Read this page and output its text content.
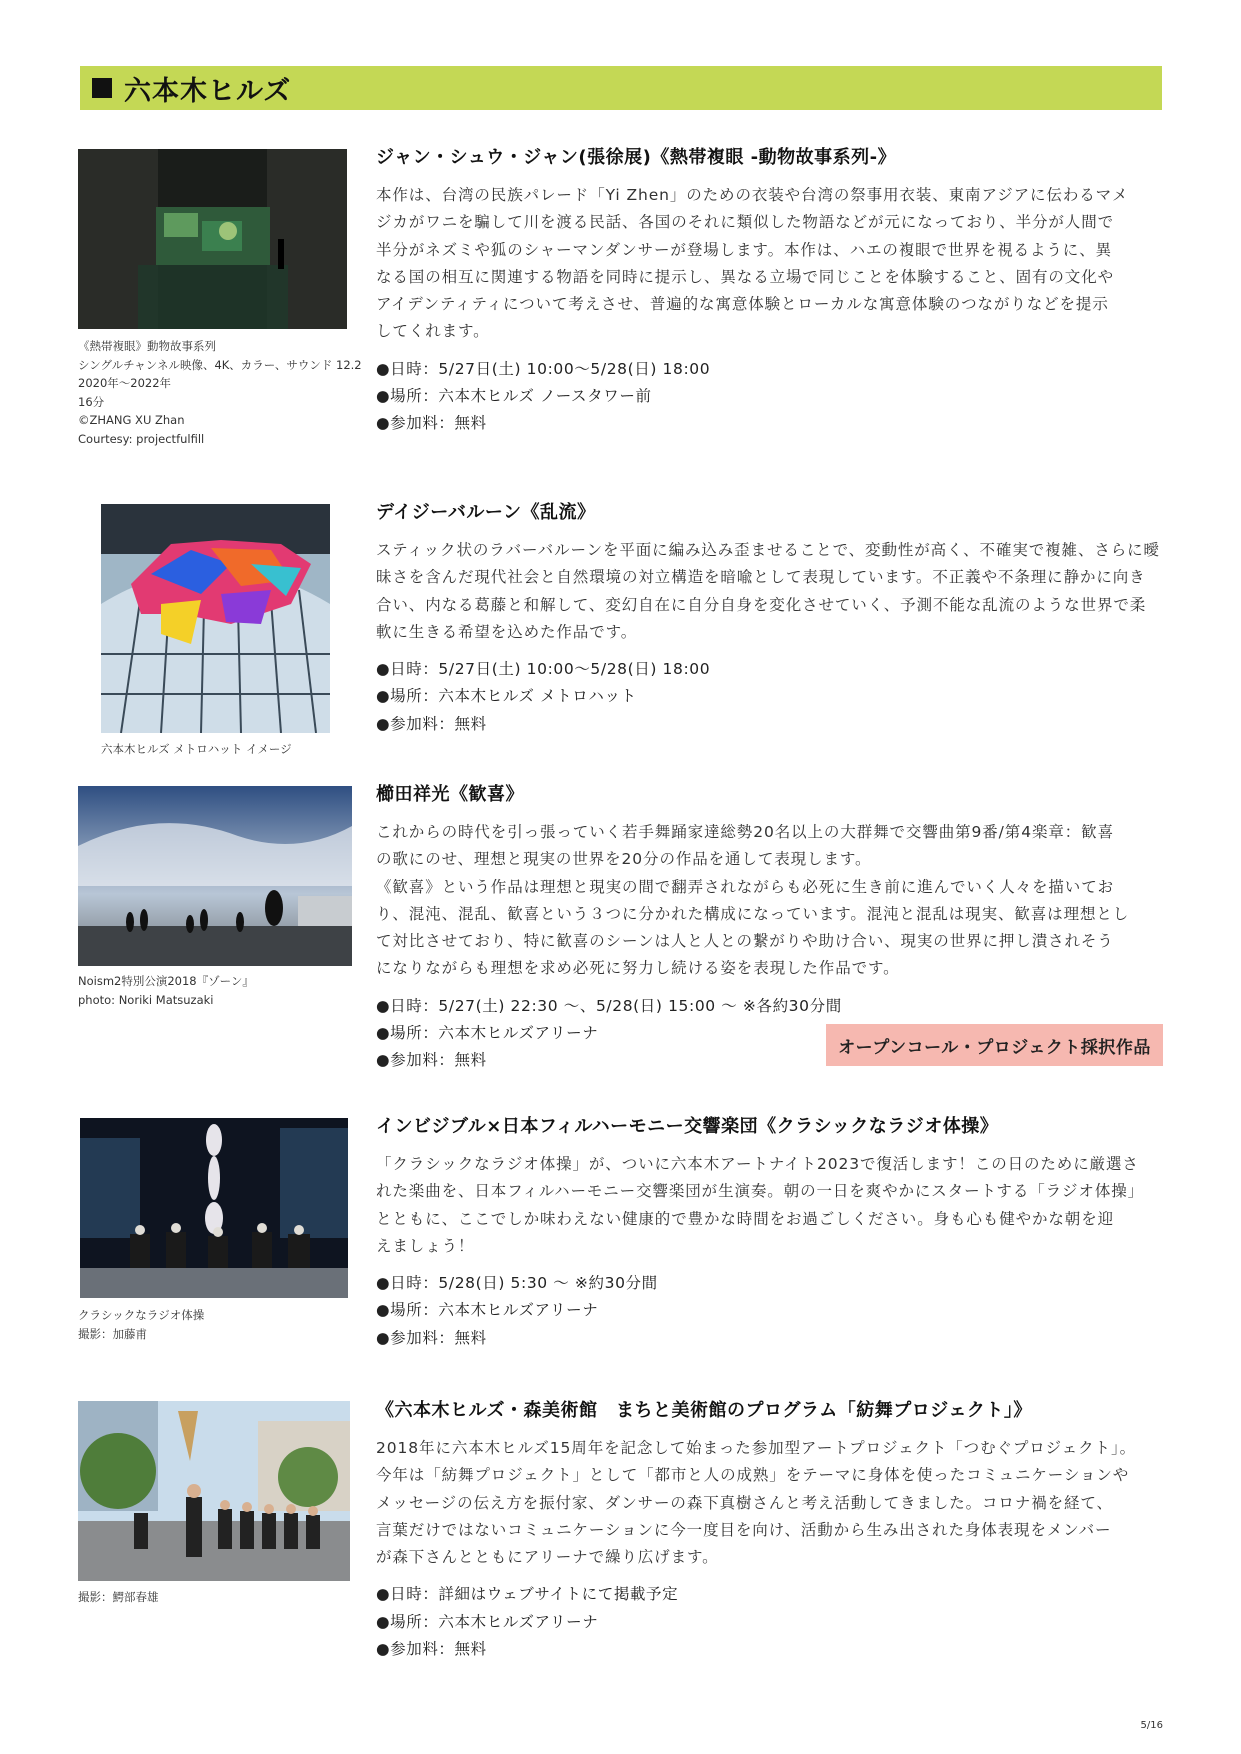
六本木ヒルズ
《熱帯複眼》動物故事系列
シングルチャンネル映像、4K、カラー、サウンド 12.2
2020年～2022年
16分
©ZHANG XU Zhan
Courtesy: projectfulfill
ジャン・シュウ・ジャン(張徐展)《熱帯複眼 -動物故事系列-》

本作は、台湾の民族パレード「Yi Zhen」のための衣装や台湾の祭事用衣装、東南アジアに伝わるマメ
ジカがワニを騙して川を渡る民話、各国のそれに類似した物語などが元になっており、半分が人間で
半分がネズミや狐のシャーマンダンサーが登場します。本作は、ハエの複眼で世界を視るように、異
なる国の相互に関連する物語を同時に提示し、異なる立場で同じことを体験すること、固有の文化や
アイデンティティについて考えさせ、普遍的な寓意体験とローカルな寓意体験のつながりなどを提示
してくれます。

●日時：5/27日(土) 10:00〜5/28(日) 18:00
●場所：六本木ヒルズ ノースタワー前
●参加料：無料
六本木ヒルズ メトロハット イメージ
デイジーバルーン《乱流》

スティック状のラバーバルーンを平面に編み込み歪ませることで、変動性が高く、不確実で複雑、さらに曖
昧さを含んだ現代社会と自然環境の対立構造を暗喩として表現しています。不正義や不条理に静かに向き
合い、内なる葛藤と和解して、変幻自在に自分自身を変化させていく、予測不能な乱流のような世界で柔
軟に生きる希望を込めた作品です。

●日時：5/27日(土) 10:00〜5/28(日) 18:00
●場所：六本木ヒルズ メトロハット
●参加料：無料
Noism2特別公演2018『ゾーン』
photo: Noriki Matsuzaki
櫛田祥光《歓喜》

これからの時代を引っ張っていく若手舞踊家達総勢20名以上の大群舞で交響曲第9番/第4楽章：歓喜
の歌にのせ、理想と現実の世界を20分の作品を通して表現します。
《歓喜》という作品は理想と現実の間で翻弄されながらも必死に生き前に進んでいく人々を描いてお
り、混沌、混乱、歓喜という３つに分かれた構成になっています。混沌と混乱は現実、歓喜は理想とし
て対比させており、特に歓喜のシーンは人と人との繋がりや助け合い、現実の世界に押し潰されそう
になりながらも理想を求め必死に努力し続ける姿を表現した作品です。

●日時：5/27(土) 22:30 ～、5/28(日) 15:00 ～ ※各約30分間
●場所：六本木ヒルズアリーナ
●参加料：無料
オープンコール・プロジェクト採択作品
クラシックなラジオ体操
撮影：加藤甫
インビジブル×日本フィルハーモニー交響楽団《クラシックなラジオ体操》

「クラシックなラジオ体操」が、ついに六本木アートナイト2023で復活します！この日のために厳選さ
れた楽曲を、日本フィルハーモニー交響楽団が生演奏。朝の一日を爽やかにスタートする「ラジオ体操」
とともに、ここでしか味わえない健康的で豊かな時間をお過ごしください。身も心も健やかな朝を迎
えましょう！

●日時：5/28(日) 5:30 ～ ※約30分間
●場所：六本木ヒルズアリーナ
●参加料：無料
撮影：鰐部春雄
《六本木ヒルズ・森美術館　まちと美術館のプログラム「紡舞プロジェクト」》

2018年に六本木ヒルズ15周年を記念して始まった参加型アートプロジェクト「つむぐプロジェクト」。
今年は「紡舞プロジェクト」として「都市と人の成熟」をテーマに身体を使ったコミュニケーションや
メッセージの伝え方を振付家、ダンサーの森下真樹さんと考え活動してきました。コロナ禍を経て、
言葉だけではないコミュニケーションに今一度目を向け、活動から生み出された身体表現をメンバー
が森下さんとともにアリーナで繰り広げます。

●日時：詳細はウェブサイトにて掲載予定
●場所：六本木ヒルズアリーナ
●参加料：無料
5/16
